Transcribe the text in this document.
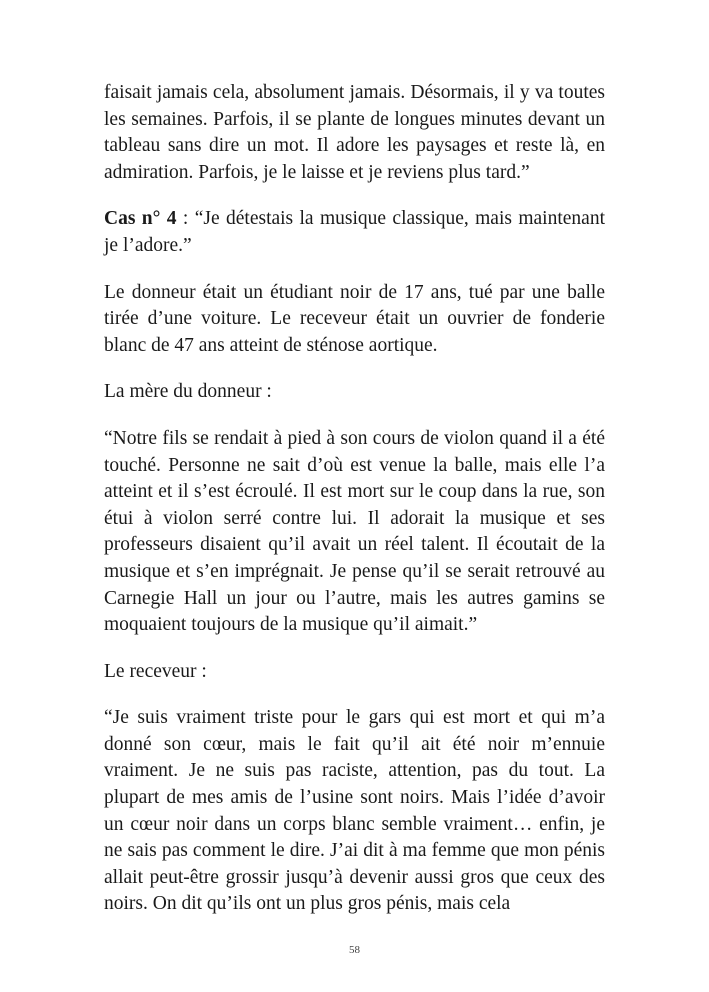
faisait jamais cela, absolument jamais. Désormais, il y va toutes les semaines. Parfois, il se plante de longues minutes devant un tableau sans dire un mot. Il adore les paysages et reste là, en admiration. Parfois, je le laisse et je reviens plus tard.”

Cas n° 4 : “Je détestais la musique classique, mais maintenant je l’adore.”

Le donneur était un étudiant noir de 17 ans, tué par une balle tirée d’une voiture. Le receveur était un ouvrier de fonderie blanc de 47 ans atteint de sténose aortique.

La mère du donneur :

“Notre fils se rendait à pied à son cours de violon quand il a été touché. Personne ne sait d’où est venue la balle, mais elle l’a atteint et il s’est écroulé. Il est mort sur le coup dans la rue, son étui à violon serré contre lui. Il adorait la musique et ses professeurs disaient qu’il avait un réel talent. Il écoutait de la musique et s’en imprégnait. Je pense qu’il se serait retrouvé au Carnegie Hall un jour ou l’autre, mais les autres gamins se moquaient toujours de la musique qu’il aimait.”

Le receveur :

“Je suis vraiment triste pour le gars qui est mort et qui m’a donné son cœur, mais le fait qu’il ait été noir m’ennuie vraiment. Je ne suis pas raciste, attention, pas du tout. La plupart de mes amis de l’usine sont noirs. Mais l’idée d’avoir un cœur noir dans un corps blanc semble vraiment… enfin, je ne sais pas comment le dire. J’ai dit à ma femme que mon pénis allait peut-être grossir jusqu’à devenir aussi gros que ceux des noirs. On dit qu’ils ont un plus gros pénis, mais cela

58
